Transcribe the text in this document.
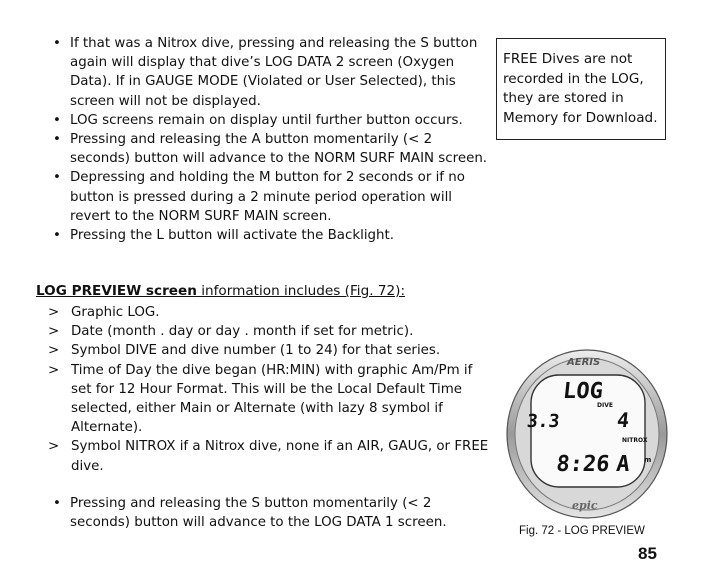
• If that was a Nitrox dive, pressing and releasing the S button again will display that dive’s LOG DATA 2 screen (Oxygen Data). If in GAUGE MODE (Violated or User Selected), this screen will not be displayed.
• LOG screens remain on display until further button occurs.
• Pressing and releasing the A button momentarily (< 2 seconds) button will advance to the NORM SURF MAIN screen.
• Depressing and holding the M button for 2 seconds or if no button is pressed during a 2 minute period operation will revert to the NORM SURF MAIN screen.
• Pressing the L button will activate the Backlight.
LOG PREVIEW screen information includes (Fig. 72):
> Graphic LOG.
> Date (month . day or day . month if set for metric).
> Symbol DIVE and dive number (1 to 24) for that series.
> Time of Day the dive began (HR:MIN) with graphic Am/Pm if set for 12 Hour Format. This will be the Local Default Time selected, either Main or Alternate (with lazy 8 symbol if Alternate).
> Symbol NITROX if a Nitrox dive, none if an AIR, GAUG, or FREE dive.
• Pressing and releasing the S button momentarily (< 2 seconds) button will advance to the LOG DATA 1 screen.
FREE Dives are not recorded in the LOG, they are stored in Memory for Download.
AERIS
epic
LOG
DIVE
3.3	4
NITROX
8:26 A m
Fig. 72 - LOG PREVIEW
85
